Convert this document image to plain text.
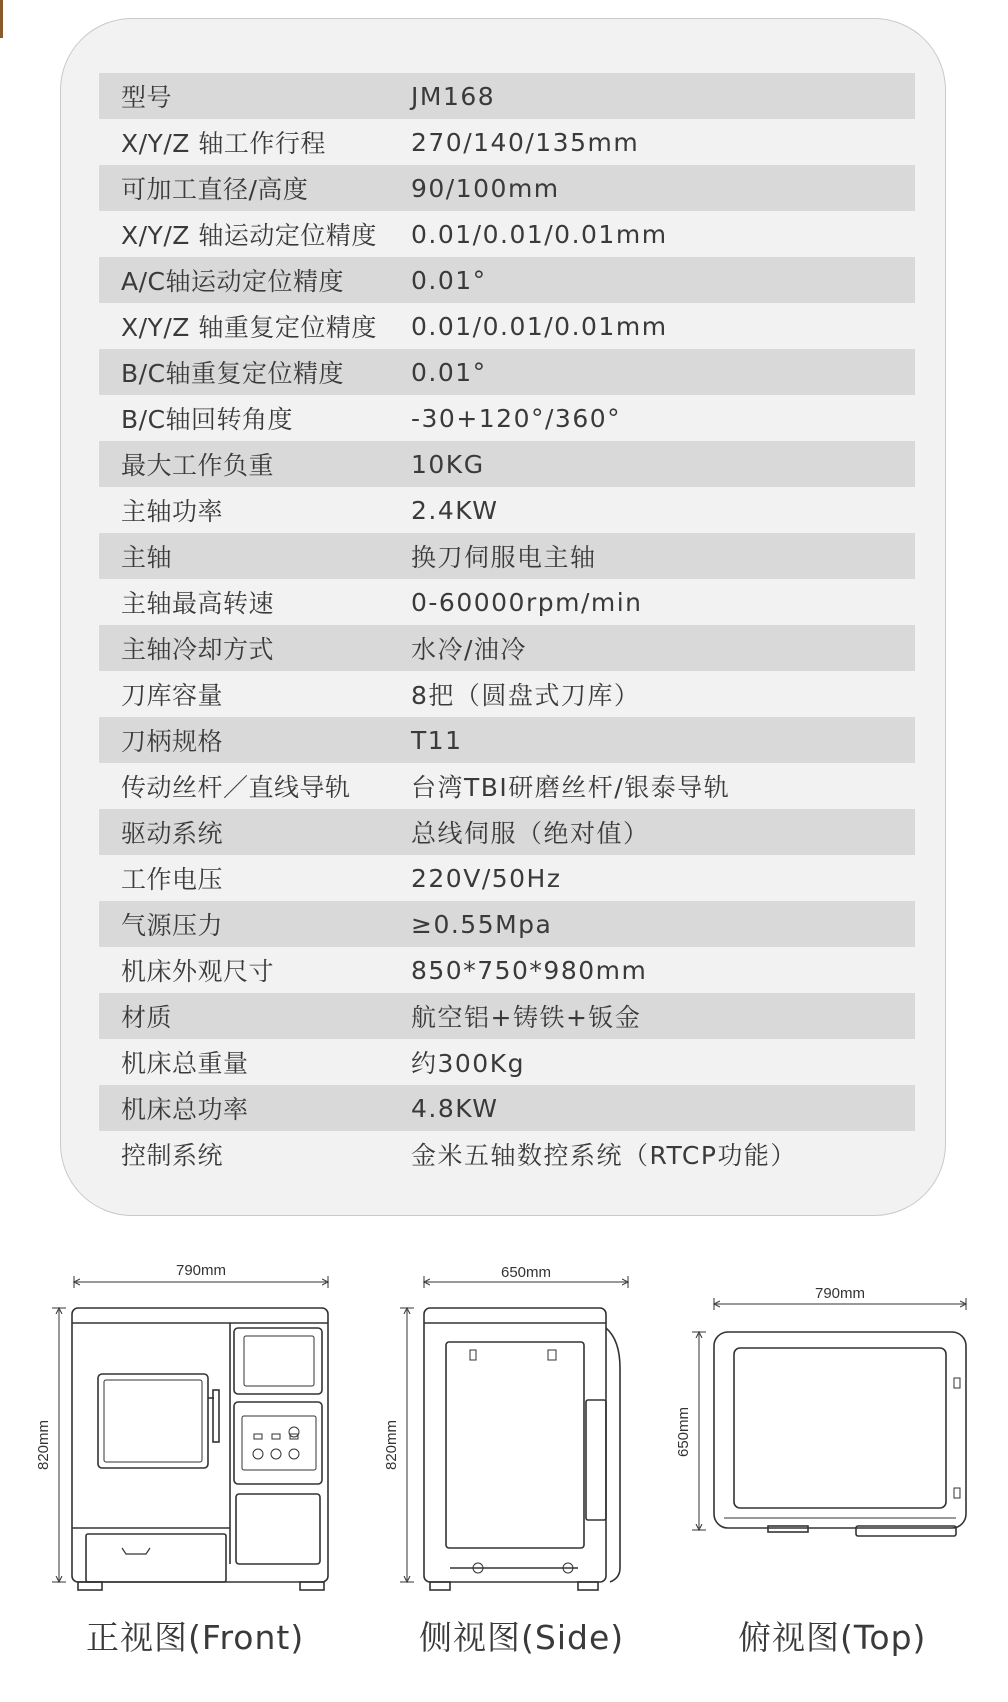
型号	JM168
X/Y/Z 轴工作行程	270/140/135mm
可加工直径/高度	90/100mm
X/Y/Z 轴运动定位精度	0.01/0.01/0.01mm
A/C轴运动定位精度	0.01°
X/Y/Z 轴重复定位精度	0.01/0.01/0.01mm
B/C轴重复定位精度	0.01°
B/C轴回转角度	-30+120°/360°
最大工作负重	10KG
主轴功率	2.4KW
主轴	换刀伺服电主轴
主轴最高转速	0-60000rpm/min
主轴冷却方式	水冷/油冷
刀库容量	8把（圆盘式刀库）
刀柄规格	T11
传动丝杆／直线导轨	台湾TBI研磨丝杆/银泰导轨
驱动系统	总线伺服（绝对值）
工作电压	220V/50Hz
气源压力	≥0.55Mpa
机床外观尺寸	850*750*980mm
材质	航空铝+铸铁+钣金
机床总重量	约300Kg
机床总功率	4.8KW
控制系统	金米五轴数控系统（RTCP功能）
790mm
820mm
正视图(Front)
650mm
820mm
侧视图(Side)
790mm
650mm
俯视图(Top)
